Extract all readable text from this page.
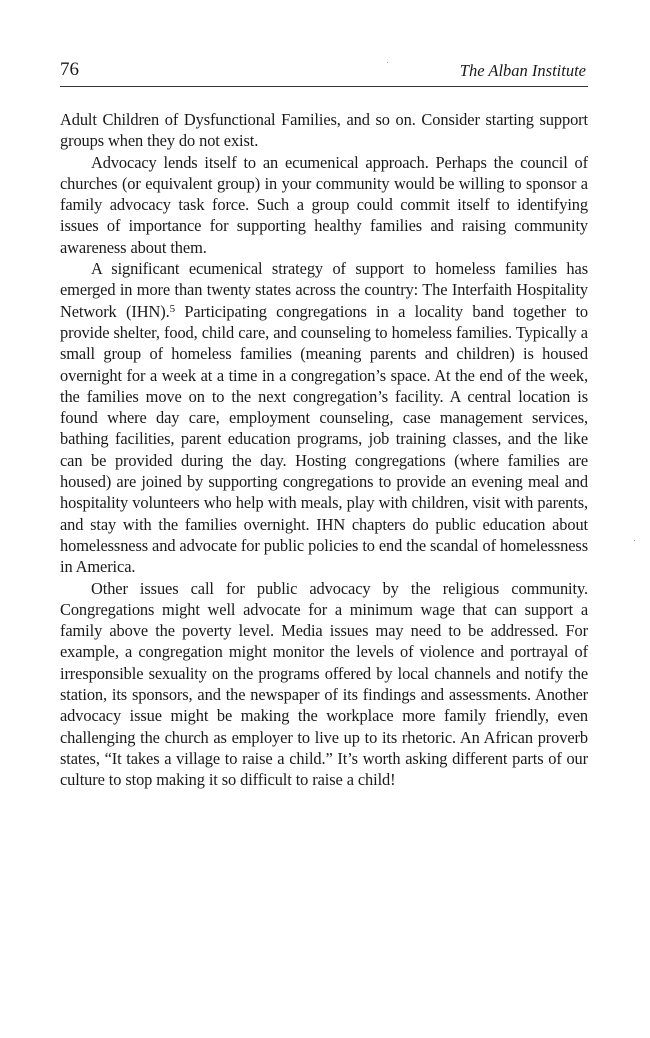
76	The Alban Institute

Adult Children of Dysfunctional Families, and so on. Consider starting support groups when they do not exist.

Advocacy lends itself to an ecumenical approach. Perhaps the council of churches (or equivalent group) in your community would be willing to sponsor a family advocacy task force. Such a group could commit itself to identifying issues of importance for supporting healthy families and raising community awareness about them.

A significant ecumenical strategy of support to homeless families has emerged in more than twenty states across the country: The Interfaith Hospitality Network (IHN).$^5$ Participating congregations in a locality band together to provide shelter, food, child care, and counseling to homeless families. Typically a small group of homeless families (meaning parents and children) is housed overnight for a week at a time in a congregation’s space. At the end of the week, the families move on to the next congregation’s facility. A central location is found where day care, employment counseling, case management services, bathing facilities, parent education programs, job training classes, and the like can be provided during the day. Hosting congregations (where families are housed) are joined by supporting congregations to provide an evening meal and hospitality volunteers who help with meals, play with children, visit with parents, and stay with the families overnight. IHN chapters do public education about homelessness and advocate for public policies to end the scandal of homelessness in America.

Other issues call for public advocacy by the religious community. Congregations might well advocate for a minimum wage that can support a family above the poverty level. Media issues may need to be addressed. For example, a congregation might monitor the levels of violence and portrayal of irresponsible sexuality on the programs offered by local channels and notify the station, its sponsors, and the newspaper of its findings and assessments. Another advocacy issue might be making the workplace more family friendly, even challenging the church as employer to live up to its rhetoric. An African proverb states, “It takes a village to raise a child.” It’s worth asking different parts of our culture to stop making it so difficult to raise a child!
